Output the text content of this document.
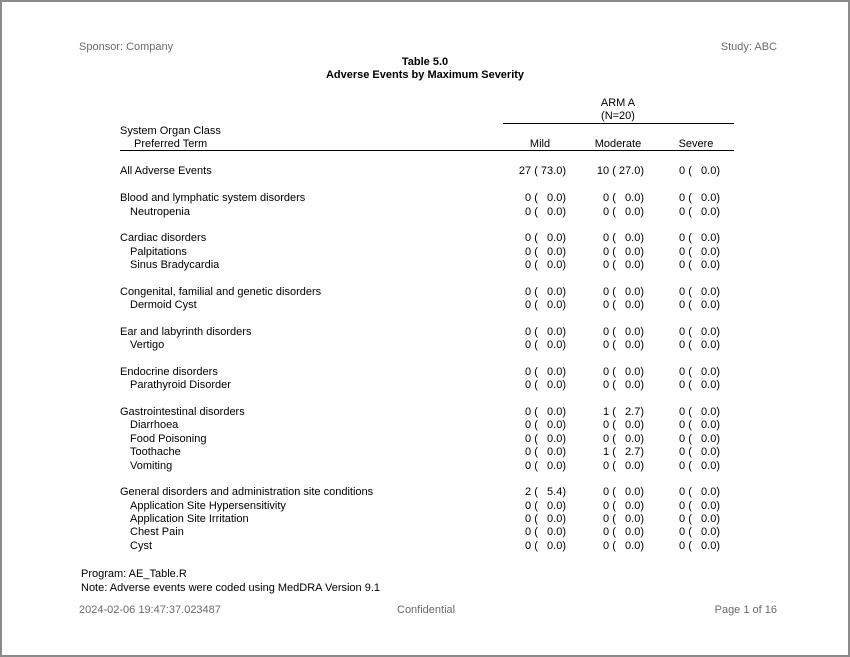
Sponsor: Company	Study: ABC
Table 5.0
Adverse Events by Maximum Severity
ARM A
(N=20)
System Organ Class
Preferred Term	Mild	Moderate	Severe
All Adverse Events	27 ( 73.0)	10 ( 27.0)	0 (   0.0)
Blood and lymphatic system disorders	0 (   0.0)	0 (   0.0)	0 (   0.0)
Neutropenia	0 (   0.0)	0 (   0.0)	0 (   0.0)
Cardiac disorders	0 (   0.0)	0 (   0.0)	0 (   0.0)
Palpitations	0 (   0.0)	0 (   0.0)	0 (   0.0)
Sinus Bradycardia	0 (   0.0)	0 (   0.0)	0 (   0.0)
Congenital, familial and genetic disorders	0 (   0.0)	0 (   0.0)	0 (   0.0)
Dermoid Cyst	0 (   0.0)	0 (   0.0)	0 (   0.0)
Ear and labyrinth disorders	0 (   0.0)	0 (   0.0)	0 (   0.0)
Vertigo	0 (   0.0)	0 (   0.0)	0 (   0.0)
Endocrine disorders	0 (   0.0)	0 (   0.0)	0 (   0.0)
Parathyroid Disorder	0 (   0.0)	0 (   0.0)	0 (   0.0)
Gastrointestinal disorders	0 (   0.0)	1 (   2.7)	0 (   0.0)
Diarrhoea	0 (   0.0)	0 (   0.0)	0 (   0.0)
Food Poisoning	0 (   0.0)	0 (   0.0)	0 (   0.0)
Toothache	0 (   0.0)	1 (   2.7)	0 (   0.0)
Vomiting	0 (   0.0)	0 (   0.0)	0 (   0.0)
General disorders and administration site conditions	2 (   5.4)	0 (   0.0)	0 (   0.0)
Application Site Hypersensitivity	0 (   0.0)	0 (   0.0)	0 (   0.0)
Application Site Irritation	0 (   0.0)	0 (   0.0)	0 (   0.0)
Chest Pain	0 (   0.0)	0 (   0.0)	0 (   0.0)
Cyst	0 (   0.0)	0 (   0.0)	0 (   0.0)
Program: AE_Table.R
Note: Adverse events were coded using MedDRA Version 9.1
2024-02-06 19:47:37.023487	Confidential	Page 1 of 16
